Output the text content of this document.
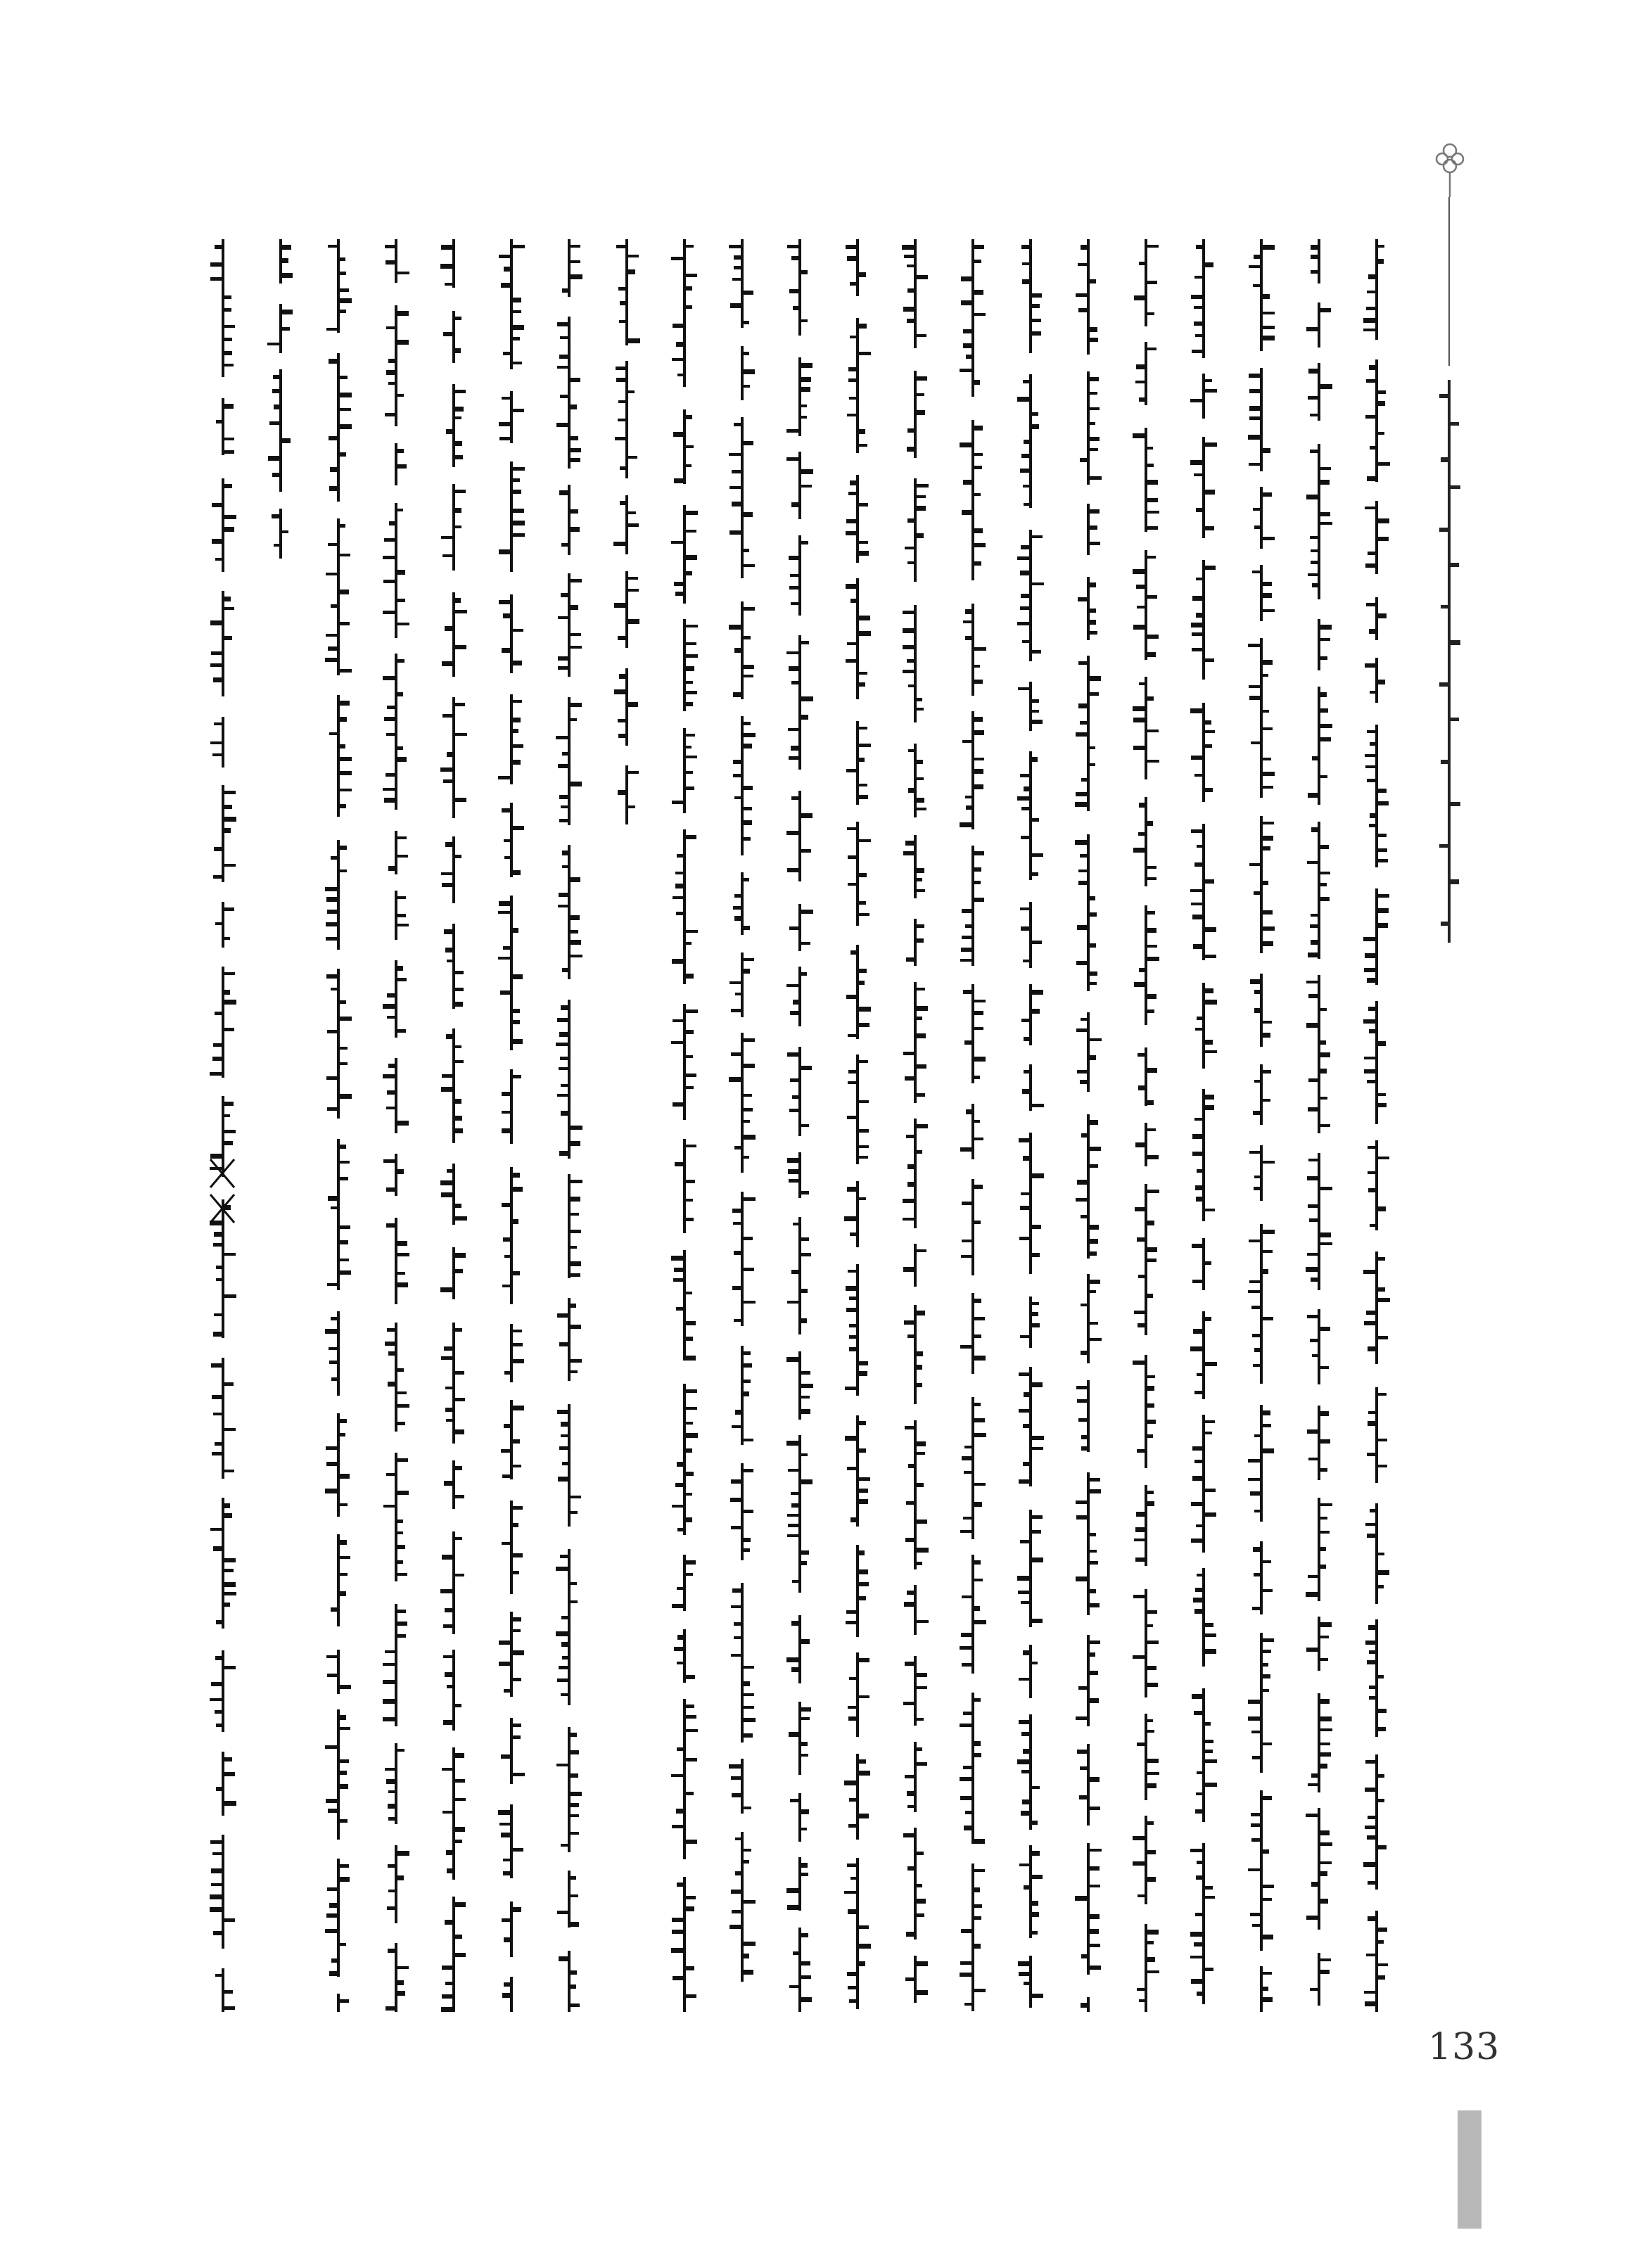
133
